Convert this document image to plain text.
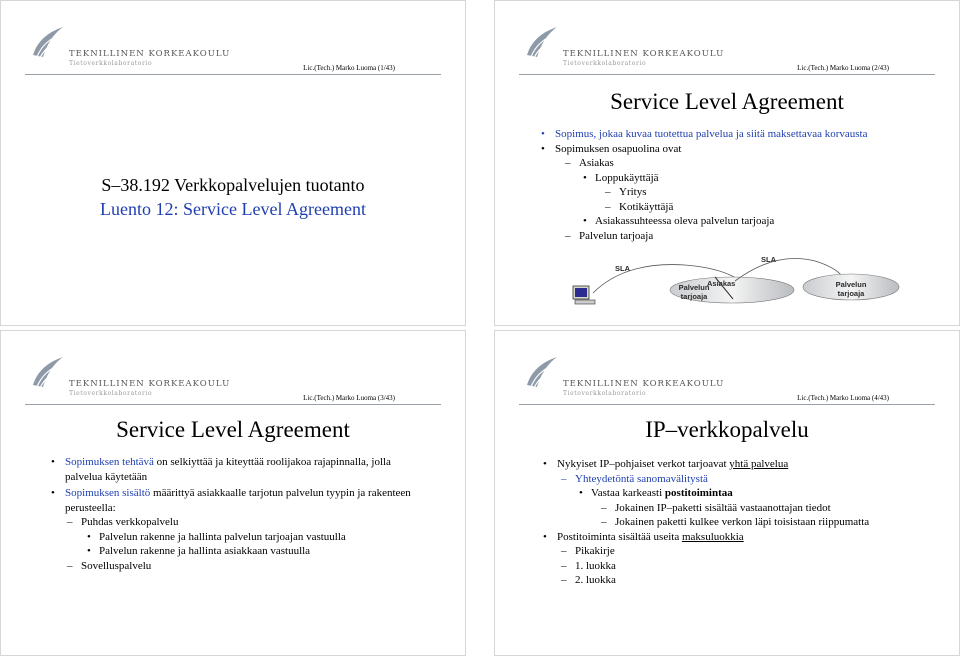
TEKNILLINEN KORKEAKOULU
Tietoverkkolaboratorio
Lic.(Tech.) Marko Luoma (1/43)
S–38.192 Verkkopalvelujen tuotanto
Luento 12: Service Level Agreement
TEKNILLINEN KORKEAKOULU
Tietoverkkolaboratorio
Lic.(Tech.) Marko Luoma (2/43)
Service Level Agreement
• Sopimus, jokaa kuvaa tuotettua palvelua ja siitä maksettavaa korvausta
• Sopimuksen osapuolina ovat
– Asiakas
• Loppukäyttäjä
– Yritys
– Kotikäyttäjä
• Asiakassuhteessa oleva palvelun tarjoaja
– Palvelun tarjoaja
SLA
SLA
Palvelun tarjoaja
Asiakas	Palvelun tarjoaja
TEKNILLINEN KORKEAKOULU
Tietoverkkolaboratorio
Lic.(Tech.) Marko Luoma (3/43)
Service Level Agreement
• Sopimuksen tehtävä on selkiyttää ja kiteyttää roolijakoa rajapinnalla, jolla
palvelua käytetään
• Sopimuksen sisältö määrittyä asiakkaalle tarjotun palvelun tyypin ja rakenteen
perusteella:
– Puhdas verkkopalvelu
• Palvelun rakenne ja hallinta palvelun tarjoajan vastuulla
• Palvelun rakenne ja hallinta asiakkaan vastuulla
– Sovelluspalvelu
TEKNILLINEN KORKEAKOULU
Tietoverkkolaboratorio
Lic.(Tech.) Marko Luoma (4/43)
IP–verkkopalvelu
• Nykyiset IP–pohjaiset verkot tarjoavat yhtä palvelua
– Yhteydetöntä sanomavälitystä
• Vastaa karkeasti postitoimintaa
– Jokainen IP–paketti sisältää vastaanottajan tiedot
– Jokainen paketti kulkee verkon läpi toisistaan riippumatta
• Postitoiminta sisältää useita maksuluokkia
– Pikakirje
– 1. luokka
– 2. luokka
